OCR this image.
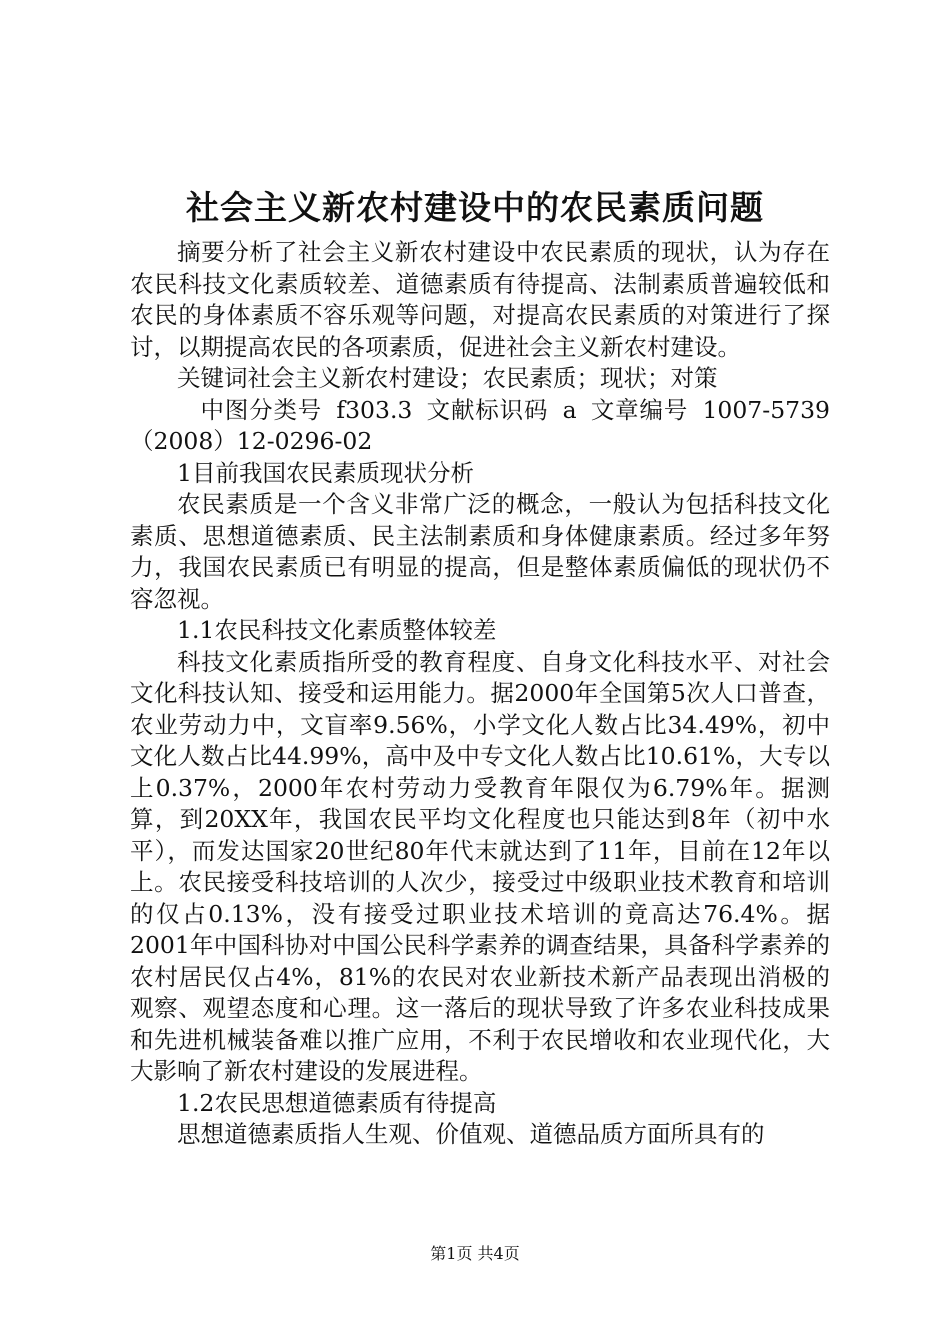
社会主义新农村建设中的农民素质问题

摘要分析了社会主义新农村建设中农民素质的现状，认为存在农民科技文化素质较差、道德素质有待提高、法制素质普遍较低和农民的身体素质不容乐观等问题，对提高农民素质的对策进行了探讨，以期提高农民的各项素质，促进社会主义新农村建设。

关键词社会主义新农村建设；农民素质；现状；对策

中图分类号 f303.3 文献标识码 a 文章编号 1007-5739（2008）12-0296-02

1目前我国农民素质现状分析

农民素质是一个含义非常广泛的概念，一般认为包括科技文化素质、思想道德素质、民主法制素质和身体健康素质。经过多年努力，我国农民素质已有明显的提高，但是整体素质偏低的现状仍不容忽视。

1.1农民科技文化素质整体较差

科技文化素质指所受的教育程度、自身文化科技水平、对社会文化科技认知、接受和运用能力。据2000年全国第5次人口普查，农业劳动力中，文盲率9.56%，小学文化人数占比34.49%，初中文化人数占比44.99%，高中及中专文化人数占比10.61%，大专以上0.37%，2000年农村劳动力受教育年限仅为6.79%年。据测算，到20XX年，我国农民平均文化程度也只能达到8年（初中水平），而发达国家20世纪80年代末就达到了11年，目前在12年以上。农民接受科技培训的人次少，接受过中级职业技术教育和培训的仅占0.13%，没有接受过职业技术培训的竟高达76.4%。据2001年中国科协对中国公民科学素养的调查结果，具备科学素养的农村居民仅占4%，81%的农民对农业新技术新产品表现出消极的观察、观望态度和心理。这一落后的现状导致了许多农业科技成果和先进机械装备难以推广应用，不利于农民增收和农业现代化，大大影响了新农村建设的发展进程。

1.2农民思想道德素质有待提高

思想道德素质指人生观、价值观、道德品质方面所具有的

第1页 共4页
